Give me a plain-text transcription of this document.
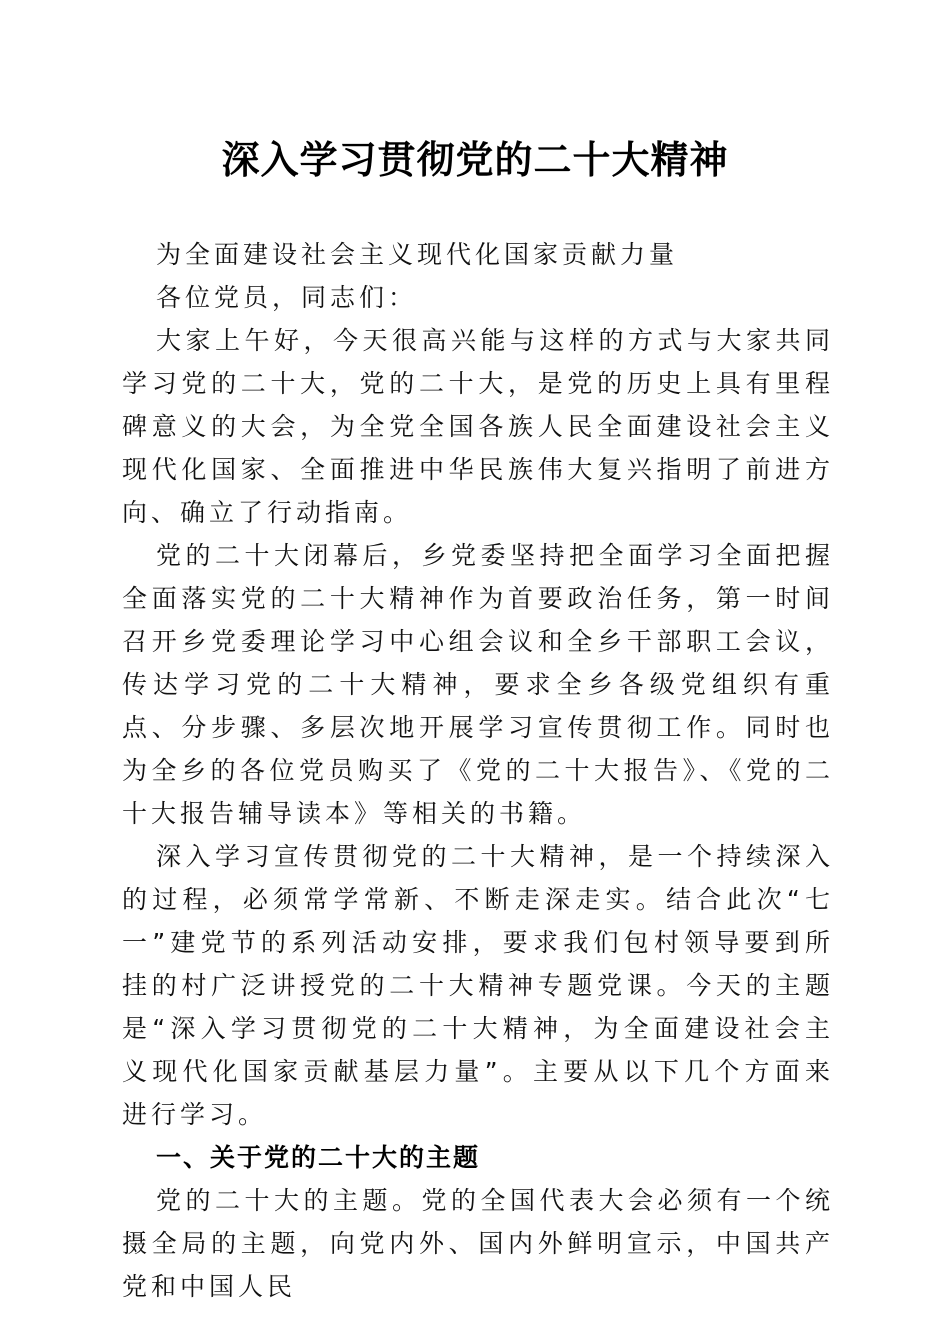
深入学习贯彻党的二十大精神

为全面建设社会主义现代化国家贡献力量

各位党员，同志们：

大家上午好，今天很高兴能与这样的方式与大家共同学习党的二十大，党的二十大，是党的历史上具有里程碑意义的大会，为全党全国各族人民全面建设社会主义现代化国家、全面推进中华民族伟大复兴指明了前进方向、确立了行动指南。

党的二十大闭幕后，乡党委坚持把全面学习全面把握全面落实党的二十大精神作为首要政治任务，第一时间召开乡党委理论学习中心组会议和全乡干部职工会议，传达学习党的二十大精神，要求全乡各级党组织有重点、分步骤、多层次地开展学习宣传贯彻工作。同时也为全乡的各位党员购买了《党的二十大报告》、《党的二十大报告辅导读本》等相关的书籍。

深入学习宣传贯彻党的二十大精神，是一个持续深入的过程，必须常学常新、不断走深走实。结合此次“七一”建党节的系列活动安排，要求我们包村领导要到所挂的村广泛讲授党的二十大精神专题党课。今天的主题是“深入学习贯彻党的二十大精神，为全面建设社会主义现代化国家贡献基层力量”。主要从以下几个方面来进行学习。

一、关于党的二十大的主题

党的二十大的主题。党的全国代表大会必须有一个统摄全局的主题，向党内外、国内外鲜明宣示，中国共产党和中国人民
